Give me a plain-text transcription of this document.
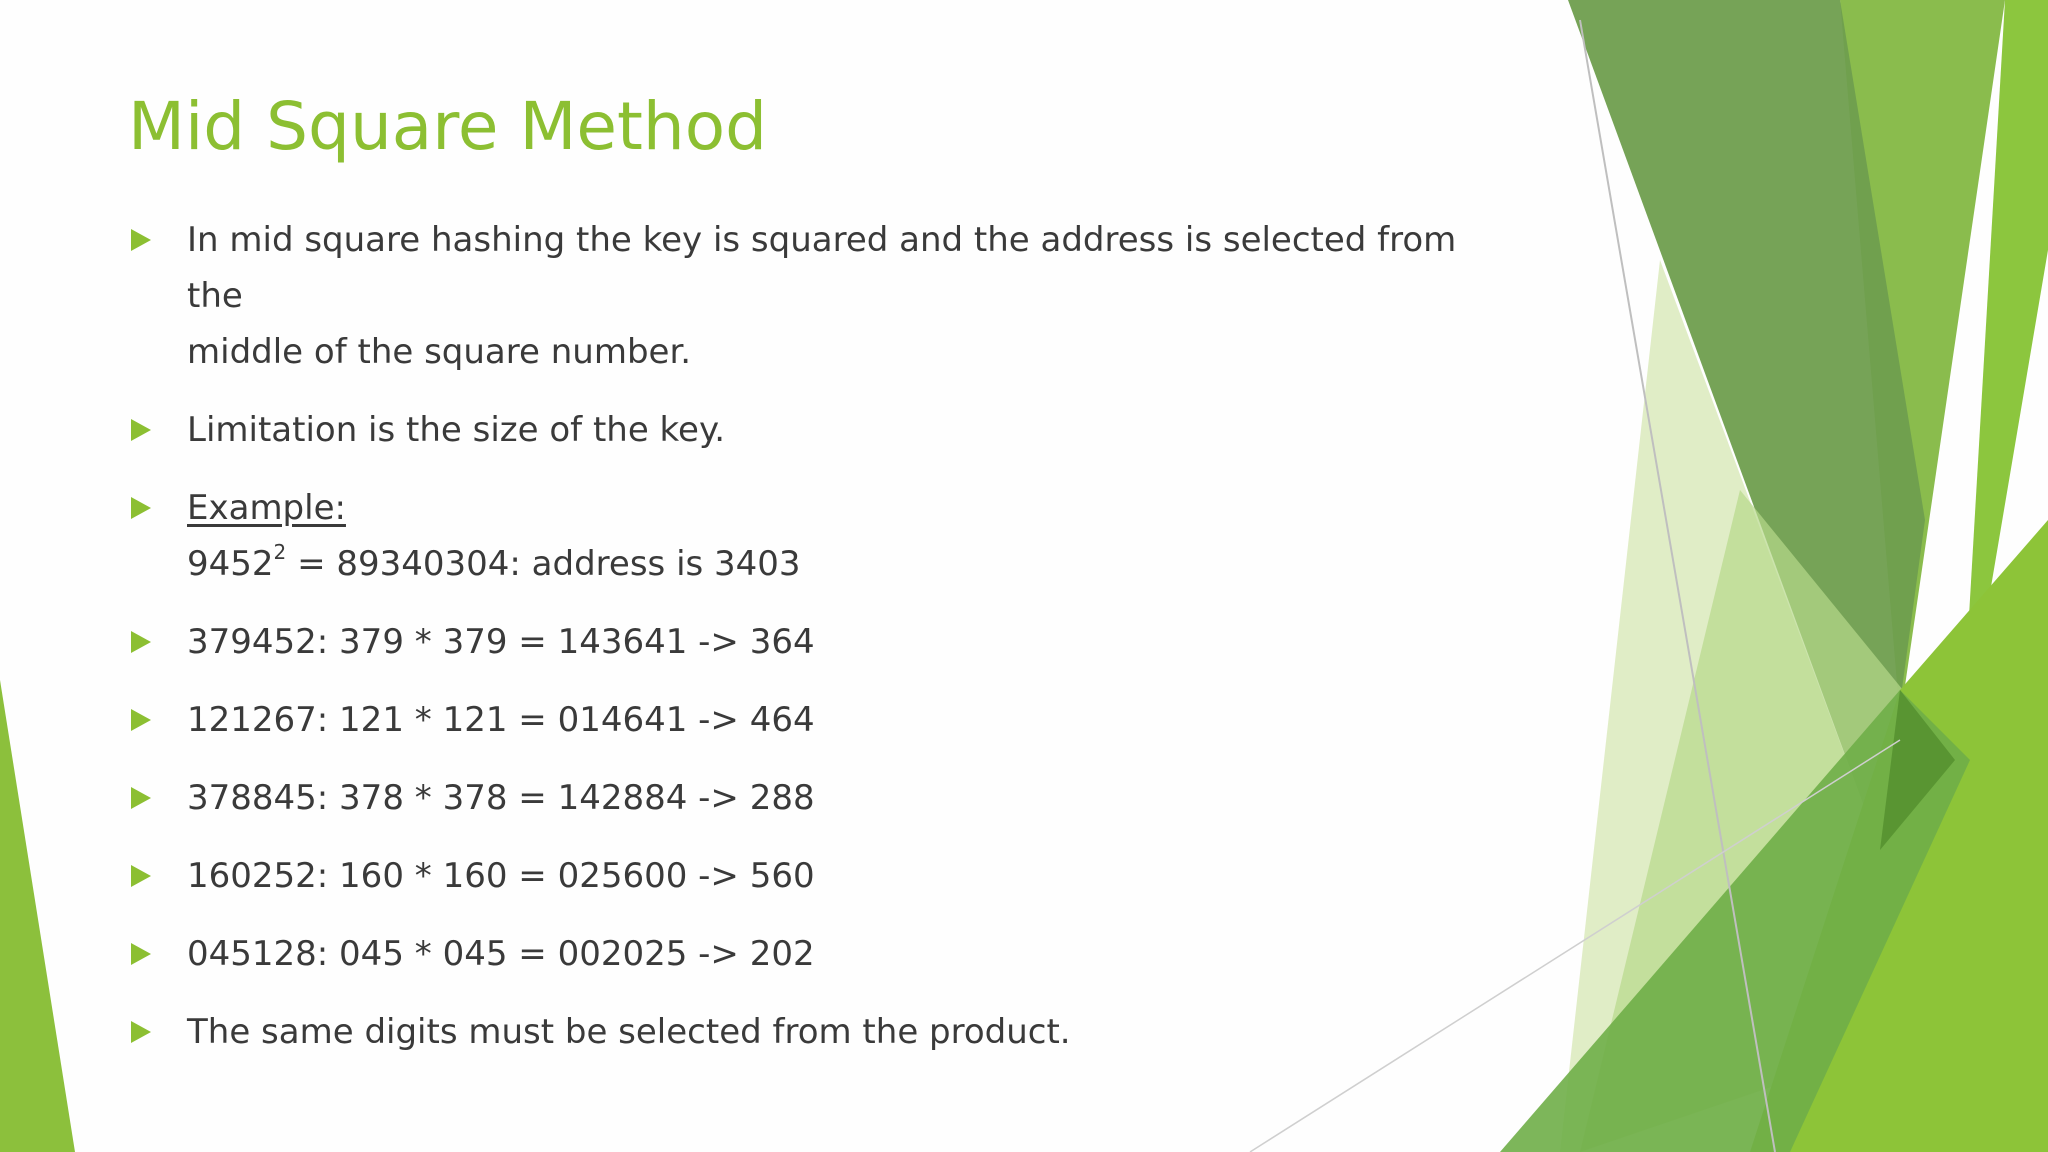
Mid Square Method
In mid square hashing the key is squared and the address is selected from the
middle of the square number.
Limitation is the size of the key.
Example:
$9452^2 = 89340304$: address is 3403
379452: 379 * 379 = 143641 -> 364
121267: 121 * 121 = 014641 -> 464
378845: 378 * 378 = 142884 -> 288
160252: 160 * 160 = 025600 -> 560
045128: 045 * 045 = 002025 -> 202
The same digits must be selected from the product.
